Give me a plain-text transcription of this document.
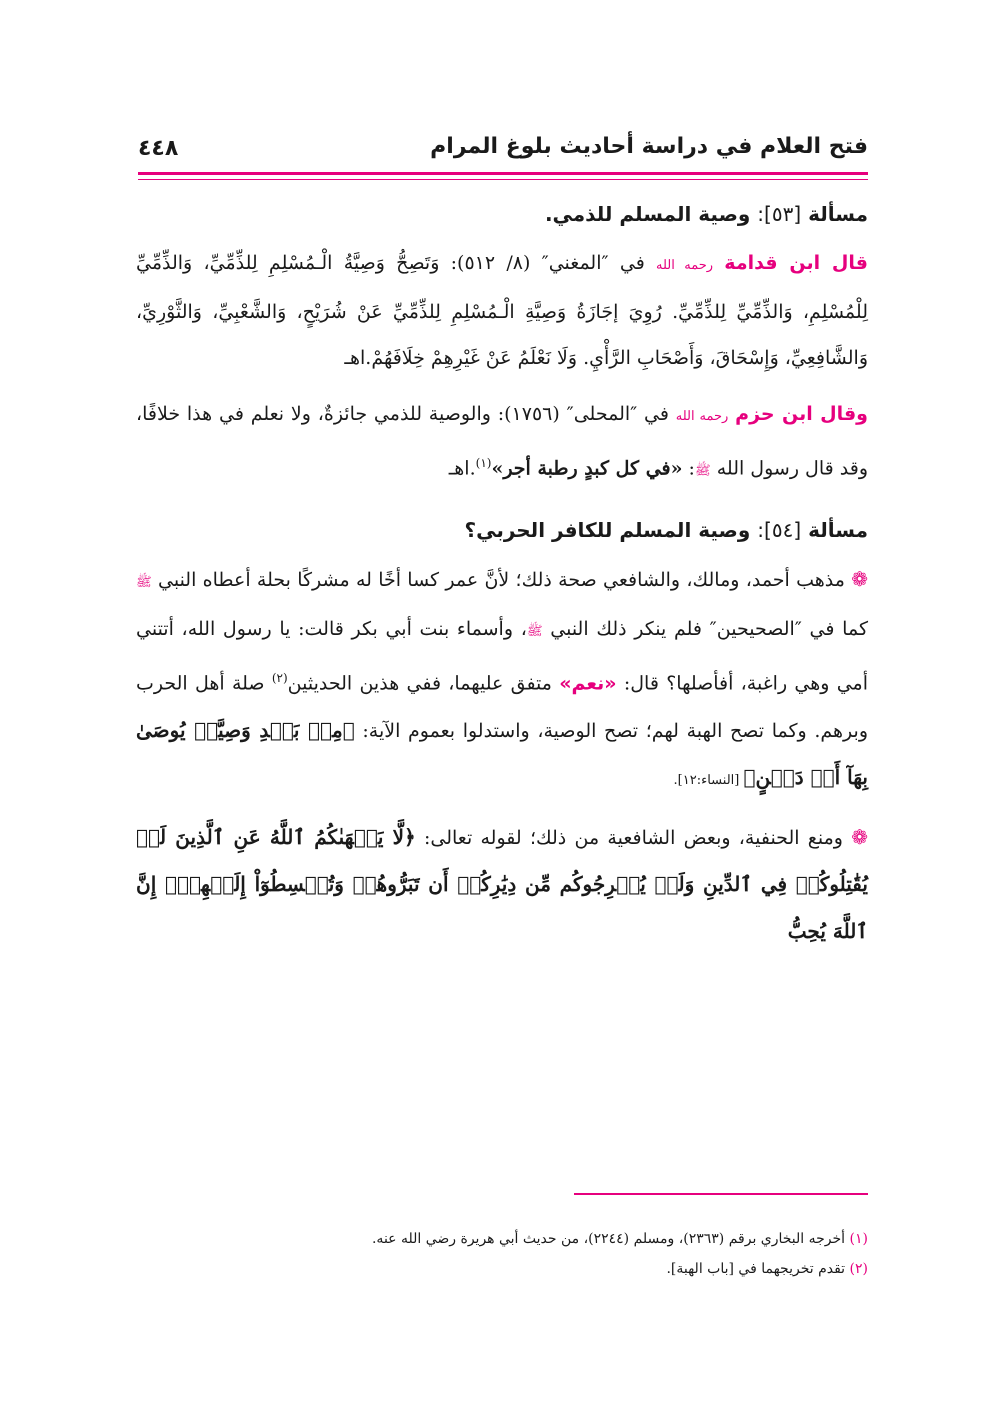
فتح العلام في دراسة أحاديث بلوغ المرام
٤٤٨

مسألة [٥٣]: وصية المسلم للذمي.

قال ابن قدامة رحمه الله في ″المغني″ (٨/ ٥١٢): وَتَصِحُّ وَصِيَّةُ الْـمُسْلِمِ لِلذِّمِّيِّ، وَالذِّمِّيِّ لِلْمُسْلِمِ، وَالذِّمِّيِّ لِلذِّمِّيِّ. رُوِيَ إجَازَةُ وَصِيَّةِ الْـمُسْلِمِ لِلذِّمِّيِّ عَنْ شُرَيْحٍ، وَالشَّعْبِيِّ، وَالثَّوْرِيِّ، وَالشَّافِعِيِّ، وَإِسْحَاقَ، وَأَصْحَابِ الرَّأْيِ. وَلَا نَعْلَمُ عَنْ غَيْرِهِمْ خِلَافَهُمْ.اهـ

وقال ابن حزم رحمه الله في ″المحلى″ (١٧٥٦): والوصية للذمي جائزةٌ، ولا نعلم في هذا خلافًا، وقد قال رسول الله ﷺ: «في كل كبدٍ رطبة أجر»$^{(١)}$.اهـ

مسألة [٥٤]: وصية المسلم للكافر الحربي؟

❁ مذهب أحمد، ومالك، والشافعي صحة ذلك؛ لأنَّ عمر كسا أخًا له مشركًا بحلة أعطاه النبي ﷺ كما في ″الصحيحين″ فلم ينكر ذلك النبي ﷺ، وأسماء بنت أبي بكر قالت: يا رسول الله، أتتني أمي وهي راغبة، أفأصلها؟ قال: «نعم» متفق عليهما، ففي هذين الحديثين$^{(٢)}$ صلة أهل الحرب وبرهم. وكما تصح الهبة لهم؛ تصح الوصية، واستدلوا بعموم الآية: ﴿مِنۢ بَعۡدِ وَصِيَّةٖ يُوصَىٰ بِهَآ أَوۡ دَيۡنٍ﴾ [النساء:١٢].

❁ ومنع الحنفية، وبعض الشافعية من ذلك؛ لقوله تعالى: ﴿لَّا يَنۡهَىٰكُمُ ٱللَّهُ عَنِ ٱلَّذِينَ لَمۡ يُقَٰتِلُوكُمۡ فِي ٱلدِّينِ وَلَمۡ يُخۡرِجُوكُم مِّن دِيَٰرِكُمۡ أَن تَبَرُّوهُمۡ وَتُقۡسِطُوٓاْ إِلَيۡهِمۡۚ إِنَّ ٱللَّهَ يُحِبُّ

(١) أخرجه البخاري برقم (٢٣٦٣)، ومسلم (٢٢٤٤)، من حديث أبي هريرة رضي الله عنه.

(٢) تقدم تخريجهما في [باب الهبة].
